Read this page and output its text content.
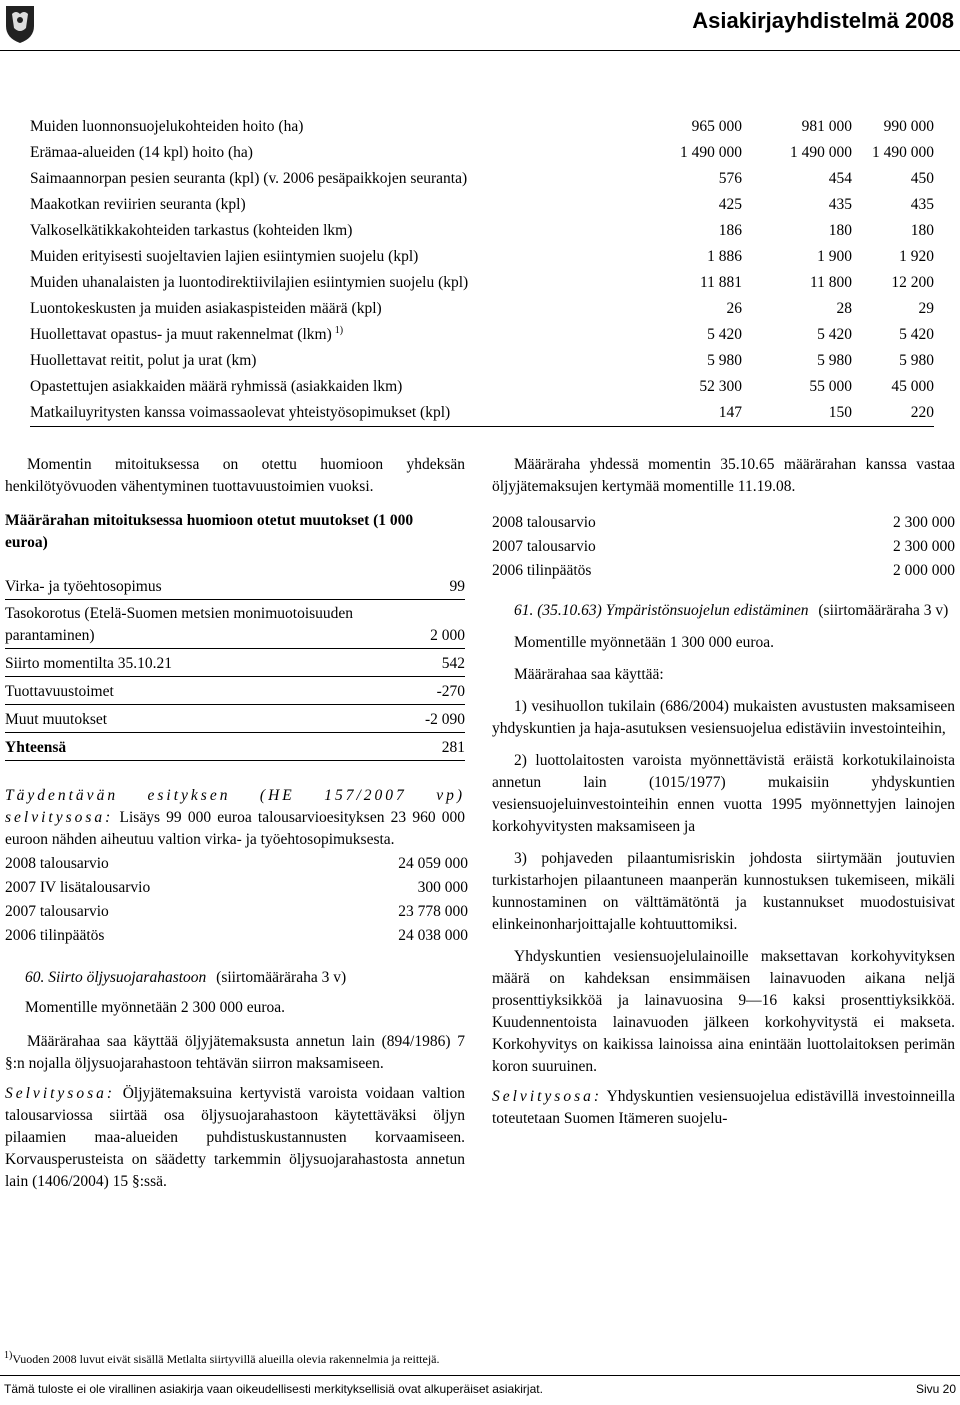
Asiakirjayhdistelmä 2008
Muiden luonnonsuojelukohteiden hoito (ha)	965 000	981 000	990 000
Erämaa-alueiden (14 kpl) hoito (ha)	1 490 000	1 490 000	1 490 000
Saimaannorpan pesien seuranta (kpl) (v. 2006 pesäpaikkojen seuranta)	576	454	450
Maakotkan reviirien seuranta (kpl)	425	435	435
Valkoselkätikkakohteiden tarkastus (kohteiden lkm)	186	180	180
Muiden erityisesti suojeltavien lajien esiintymien suojelu (kpl)	1 886	1 900	1 920
Muiden uhanalaisten ja luontodirektiivilajien esiintymien suojelu (kpl)	11 881	11 800	12 200
Luontokeskusten ja muiden asiakaspisteiden määrä (kpl)	26	28	29
Huollettavat opastus- ja muut rakennelmat (lkm) $^{1)}$	5 420	5 420	5 420
Huollettavat reitit, polut ja urat (km)	5 980	5 980	5 980
Opastettujen asiakkaiden määrä ryhmissä (asiakkaiden lkm)	52 300	55 000	45 000
Matkailuyritysten kanssa voimassaolevat yhteistyösopimukset (kpl)	147	150	220

Momentin mitoituksessa on otettu huomioon yhdeksän henkilötyövuoden vähentyminen tuottavuustoimien vuoksi.

Määrärahan mitoituksessa huomioon otetut muutokset (1 000 euroa)

Virka- ja työehtosopimus	99
Tasokorotus (Etelä-Suomen metsien monimuotoisuuden parantaminen)	2 000
Siirto momentilta 35.10.21	542
Tuottavuustoimet	-270
Muut muutokset	-2 090
Yhteensä	281

Täydentävän esityksen (HE 157/2007 vp) selvitysosa: Lisäys 99 000 euroa talousarvioesityksen 23 960 000 euroon nähden aiheutuu valtion virka- ja työehtosopimuksesta.

2008 talousarvio	24 059 000
2007 IV lisätalousarvio	300 000
2007 talousarvio	23 778 000
2006 tilinpäätös	24 038 000

60. Siirto öljysuojarahastoon (siirtomääräraha 3 v)

Momentille myönnetään 2 300 000 euroa.

Määrärahaa saa käyttää öljyjätemaksusta annetun lain (894/1986) 7 §:n nojalla öljysuojarahastoon tehtävän siirron maksamiseen.

Selvitysosa: Öljyjätemaksuina kertyvistä varoista voidaan valtion talousarviossa siirtää osa öljysuojarahastoon käytettäväksi öljyn pilaamien maa-alueiden puhdistuskustannusten korvaamiseen. Korvausperusteista on säädetty tarkemmin öljysuojarahastosta annetun lain (1406/2004) 15 §:ssä.

Määräraha yhdessä momentin 35.10.65 määrärahan kanssa vastaa öljyjätemaksujen kertymää momentille 11.19.08.

2008 talousarvio	2 300 000
2007 talousarvio	2 300 000
2006 tilinpäätös	2 000 000

61. (35.10.63) Ympäristönsuojelun edistäminen (siirtomääräraha 3 v)

Momentille myönnetään 1 300 000 euroa.

Määrärahaa saa käyttää:

1) vesihuollon tukilain (686/2004) mukaisten avustusten maksamiseen yhdyskuntien ja haja-asutuksen vesiensuojelua edistäviin investointeihin,

2) luottolaitosten varoista myönnettävistä eräistä korkotukilainoista annetun lain (1015/1977) mukaisiin yhdyskuntien vesiensuojeluinvestointeihin ennen vuotta 1995 myönnettyjen lainojen korkohyvitysten maksamiseen ja

3) pohjaveden pilaantumisriskin johdosta siirtymään joutuvien turkistarhojen pilaantuneen maanperän kunnostuksen tukemiseen, mikäli kunnostaminen on välttämätöntä ja kustannukset muodostuisivat elinkeinonharjoittajalle kohtuuttomiksi.

Yhdyskuntien vesiensuojelulainoille maksettavan korkohyvityksen määrä on kahdeksan ensimmäisen lainavuoden aikana neljä prosenttiyksikköä ja lainavuosina 9—16 kaksi prosenttiyksikköä. Kuudennentoista lainavuoden jälkeen korkohyvitystä ei makseta. Korkohyvitys on kaikissa lainoissa aina enintään luottolaitoksen perimän koron suuruinen.

Selvitysosa: Yhdyskuntien vesiensuojelua edistävillä investoinneilla toteutetaan Suomen Itämeren suojelu-

$^{1)}$Vuoden 2008 luvut eivät sisällä Metlalta siirtyvillä alueilla olevia rakennelmia ja reittejä.
Tämä tuloste ei ole virallinen asiakirja vaan oikeudellisesti merkityksellisiä ovat alkuperäiset asiakirjat.	Sivu 20
